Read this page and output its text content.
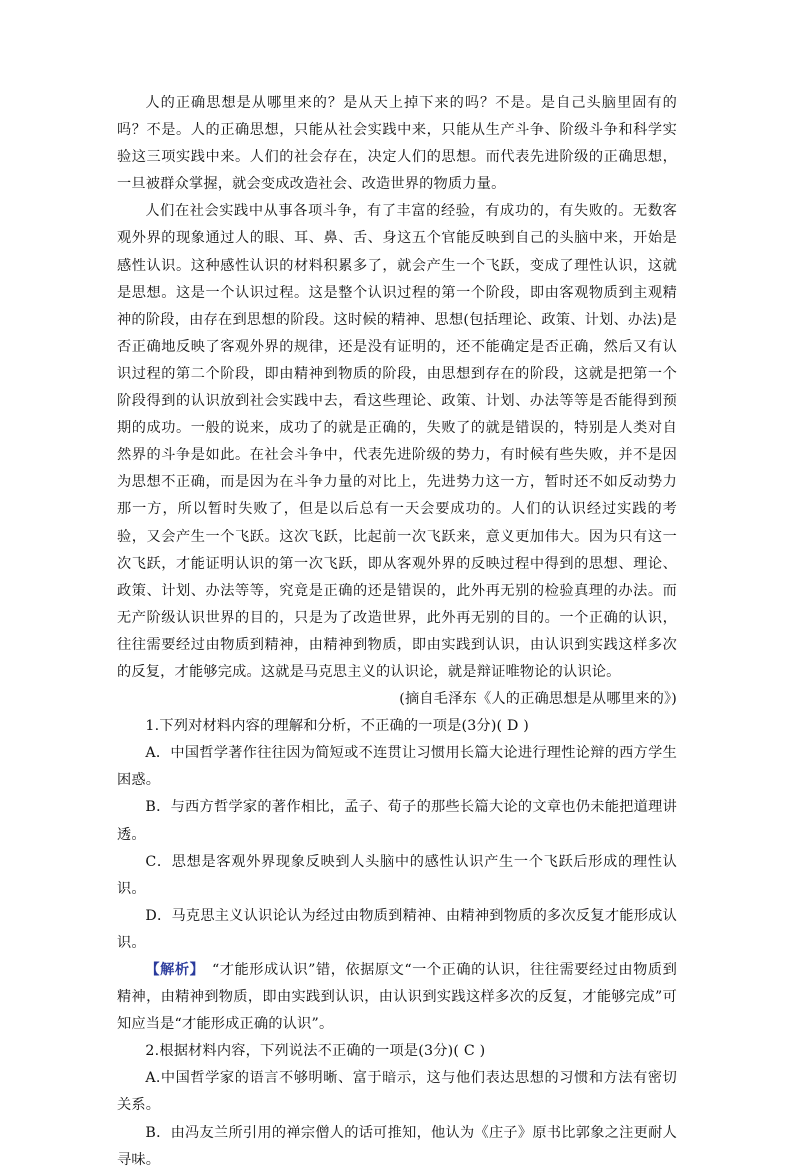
人的正确思想是从哪里来的？是从天上掉下来的吗？不是。是自己头脑里固有的吗？不是。人的正确思想，只能从社会实践中来，只能从生产斗争、阶级斗争和科学实验这三项实践中来。人们的社会存在，决定人们的思想。而代表先进阶级的正确思想，一旦被群众掌握，就会变成改造社会、改造世界的物质力量。

人们在社会实践中从事各项斗争，有了丰富的经验，有成功的，有失败的。无数客观外界的现象通过人的眼、耳、鼻、舌、身这五个官能反映到自己的头脑中来，开始是感性认识。这种感性认识的材料积累多了，就会产生一个飞跃，变成了理性认识，这就是思想。这是一个认识过程。这是整个认识过程的第一个阶段，即由客观物质到主观精神的阶段，由存在到思想的阶段。这时候的精神、思想(包括理论、政策、计划、办法)是否正确地反映了客观外界的规律，还是没有证明的，还不能确定是否正确，然后又有认识过程的第二个阶段，即由精神到物质的阶段，由思想到存在的阶段，这就是把第一个阶段得到的认识放到社会实践中去，看这些理论、政策、计划、办法等等是否能得到预期的成功。一般的说来，成功了的就是正确的，失败了的就是错误的，特别是人类对自然界的斗争是如此。在社会斗争中，代表先进阶级的势力，有时候有些失败，并不是因为思想不正确，而是因为在斗争力量的对比上，先进势力这一方，暂时还不如反动势力那一方，所以暂时失败了，但是以后总有一天会要成功的。人们的认识经过实践的考验，又会产生一个飞跃。这次飞跃，比起前一次飞跃来，意义更加伟大。因为只有这一次飞跃，才能证明认识的第一次飞跃，即从客观外界的反映过程中得到的思想、理论、政策、计划、办法等等，究竟是正确的还是错误的，此外再无别的检验真理的办法。而无产阶级认识世界的目的，只是为了改造世界，此外再无别的目的。一个正确的认识，往往需要经过由物质到精神，由精神到物质，即由实践到认识，由认识到实践这样多次的反复，才能够完成。这就是马克思主义的认识论，就是辩证唯物论的认识论。

(摘自毛泽东《人的正确思想是从哪里来的》)

1.下列对材料内容的理解和分析，不正确的一项是(3分)( D )

A．中国哲学著作往往因为简短或不连贯让习惯用长篇大论进行理性论辩的西方学生困惑。

B．与西方哲学家的著作相比，孟子、荀子的那些长篇大论的文章也仍未能把道理讲透。

C．思想是客观外界现象反映到人头脑中的感性认识产生一个飞跃后形成的理性认识。

D．马克思主义认识论认为经过由物质到精神、由精神到物质的多次反复才能形成认识。

【解析】　 “才能形成认识”错，依据原文“一个正确的认识，往往需要经过由物质到精神，由精神到物质，即由实践到认识，由认识到实践这样多次的反复，才能够完成”可知应当是“才能形成正确的认识”。

2.根据材料内容，下列说法不正确的一项是(3分)( C )

A.中国哲学家的语言不够明晰、富于暗示，这与他们表达思想的习惯和方法有密切关系。

B．由冯友兰所引用的禅宗僧人的话可推知，他认为《庄子》原书比郭象之注更耐人寻味。
